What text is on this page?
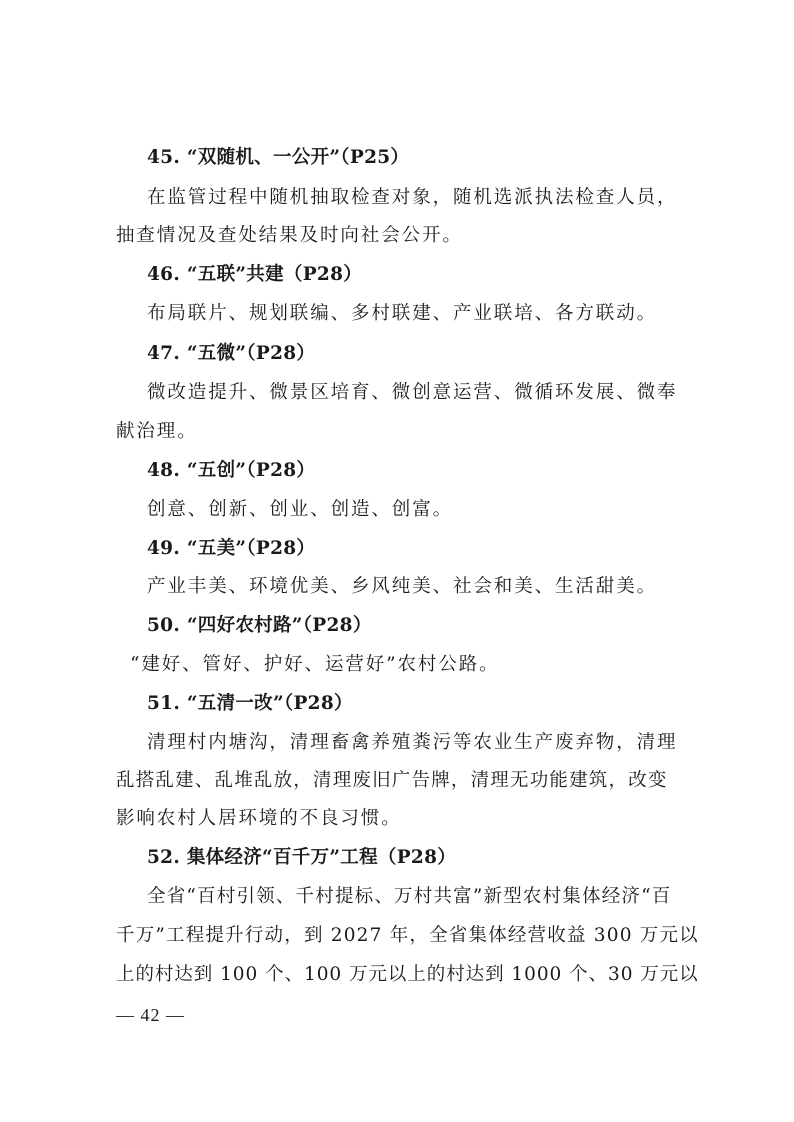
45. “双随机、一公开”（P25）
在监管过程中随机抽取检查对象，随机选派执法检查人员，
抽查情况及查处结果及时向社会公开。
46. “五联”共建（P28）
布局联片、规划联编、多村联建、产业联培、各方联动。
47. “五微”（P28）
微改造提升、微景区培育、微创意运营、微循环发展、微奉
献治理。
48. “五创”（P28）
创意、创新、创业、创造、创富。
49. “五美”（P28）
产业丰美、环境优美、乡风纯美、社会和美、生活甜美。
50. “四好农村路”（P28）
“建好、管好、护好、运营好”农村公路。
51. “五清一改”（P28）
清理村内塘沟，清理畜禽养殖粪污等农业生产废弃物，清理
乱搭乱建、乱堆乱放，清理废旧广告牌，清理无功能建筑，改变
影响农村人居环境的不良习惯。
52. 集体经济“百千万”工程（P28）
全省“百村引领、千村提标、万村共富”新型农村集体经济“百
千万”工程提升行动，到 2027 年，全省集体经营收益 300 万元以
上的村达到 100 个、100 万元以上的村达到 1000 个、30 万元以
— 42 —
